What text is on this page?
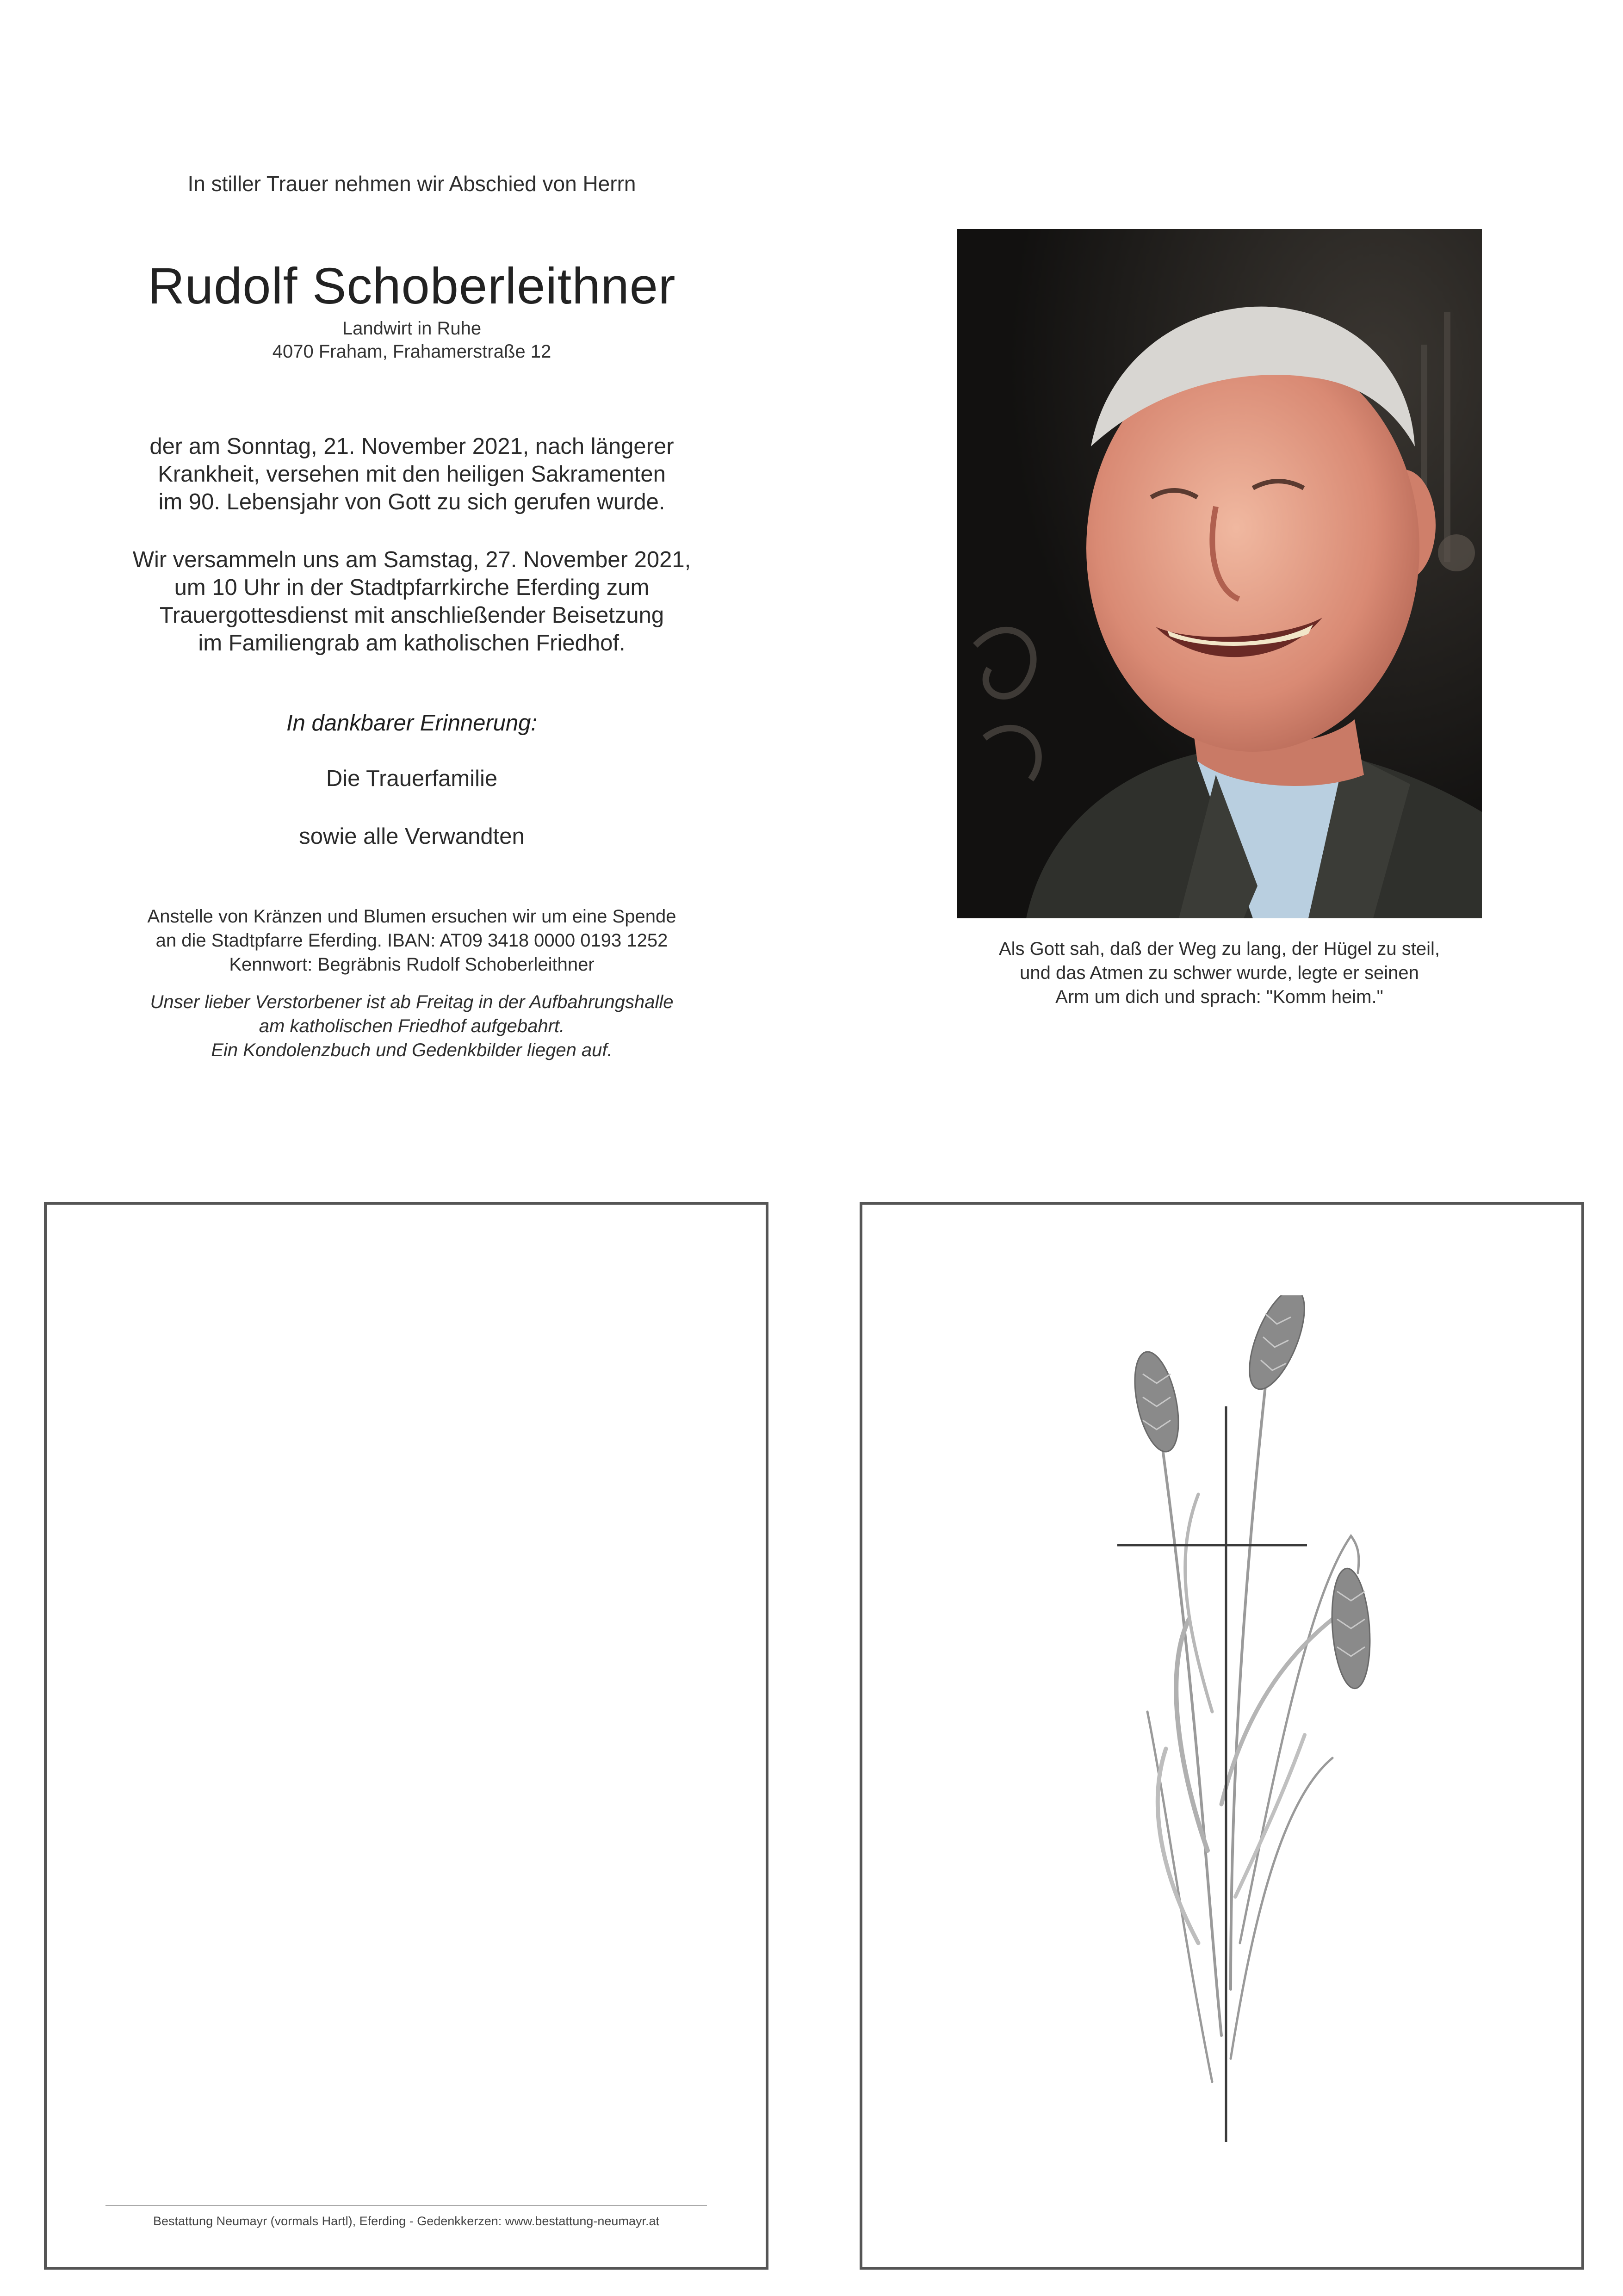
In stiller Trauer nehmen wir Abschied von Herrn
Rudolf Schoberleithner
Landwirt in Ruhe
4070 Fraham, Frahamerstraße 12
der am Sonntag, 21. November 2021, nach längerer
Krankheit, versehen mit den heiligen Sakramenten
im 90. Lebensjahr von Gott zu sich gerufen wurde.
Wir versammeln uns am Samstag, 27. November 2021,
um 10 Uhr in der Stadtpfarrkirche Eferding zum
Trauergottesdienst mit anschließender Beisetzung
im Familiengrab am katholischen Friedhof.
In dankbarer Erinnerung:
Die Trauerfamilie
sowie alle Verwandten
Anstelle von Kränzen und Blumen ersuchen wir um eine Spende
an die Stadtpfarre Eferding. IBAN: AT09 3418 0000 0193 1252
Kennwort: Begräbnis Rudolf Schoberleithner
Unser lieber Verstorbener ist ab Freitag in der Aufbahrungshalle
am katholischen Friedhof aufgebahrt.
Ein Kondolenzbuch und Gedenkbilder liegen auf.
Als Gott sah, daß der Weg zu lang, der Hügel zu steil,
und das Atmen zu schwer wurde, legte er seinen
Arm um dich und sprach: "Komm heim."
Bestattung Neumayr (vormals Hartl), Eferding - Gedenkkerzen: www.bestattung-neumayr.at
